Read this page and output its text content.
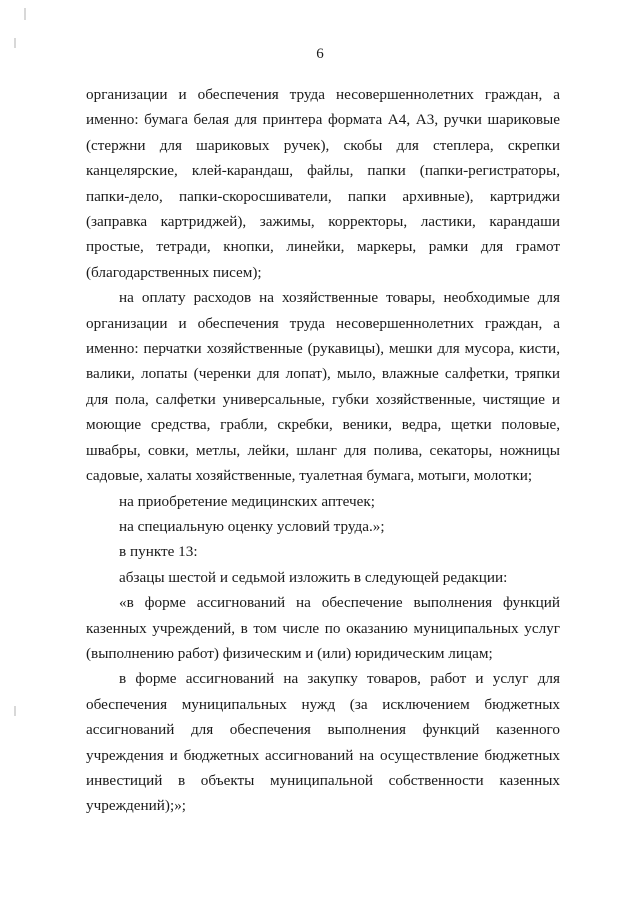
6

организации и обеспечения труда несовершеннолетних граждан, а именно: бумага белая для принтера формата А4, А3, ручки шариковые (стержни для шариковых ручек), скобы для степлера, скрепки канцелярские, клей-карандаш, файлы, папки (папки-регистраторы, папки-дело, папки-скоросшиватели, папки архивные), картриджи (заправка картриджей), зажимы, корректоры, ластики, карандаши простые, тетради, кнопки, линейки, маркеры, рамки для грамот (благодарственных писем);

на оплату расходов на хозяйственные товары, необходимые для организации и обеспечения труда несовершеннолетних граждан, а именно: перчатки хозяйственные (рукавицы), мешки для мусора, кисти, валики, лопаты (черенки для лопат), мыло, влажные салфетки, тряпки для пола, салфетки универсальные, губки хозяйственные, чистящие и моющие средства, грабли, скребки, веники, ведра, щетки половые, швабры, совки, метлы, лейки, шланг для полива, секаторы, ножницы садовые, халаты хозяйственные, туалетная бумага, мотыги, молотки;

на приобретение медицинских аптечек;

на специальную оценку условий труда.»;

в пункте 13:

абзацы шестой и седьмой изложить в следующей редакции:

«в форме ассигнований на обеспечение выполнения функций казенных учреждений, в том числе по оказанию муниципальных услуг (выполнению работ) физическим и (или) юридическим лицам;

в форме ассигнований на закупку товаров, работ и услуг для обеспечения муниципальных нужд (за исключением бюджетных ассигнований для обеспечения выполнения функций казенного учреждения и бюджетных ассигнований на осуществление бюджетных инвестиций в объекты муниципальной собственности казенных учреждений);»;
